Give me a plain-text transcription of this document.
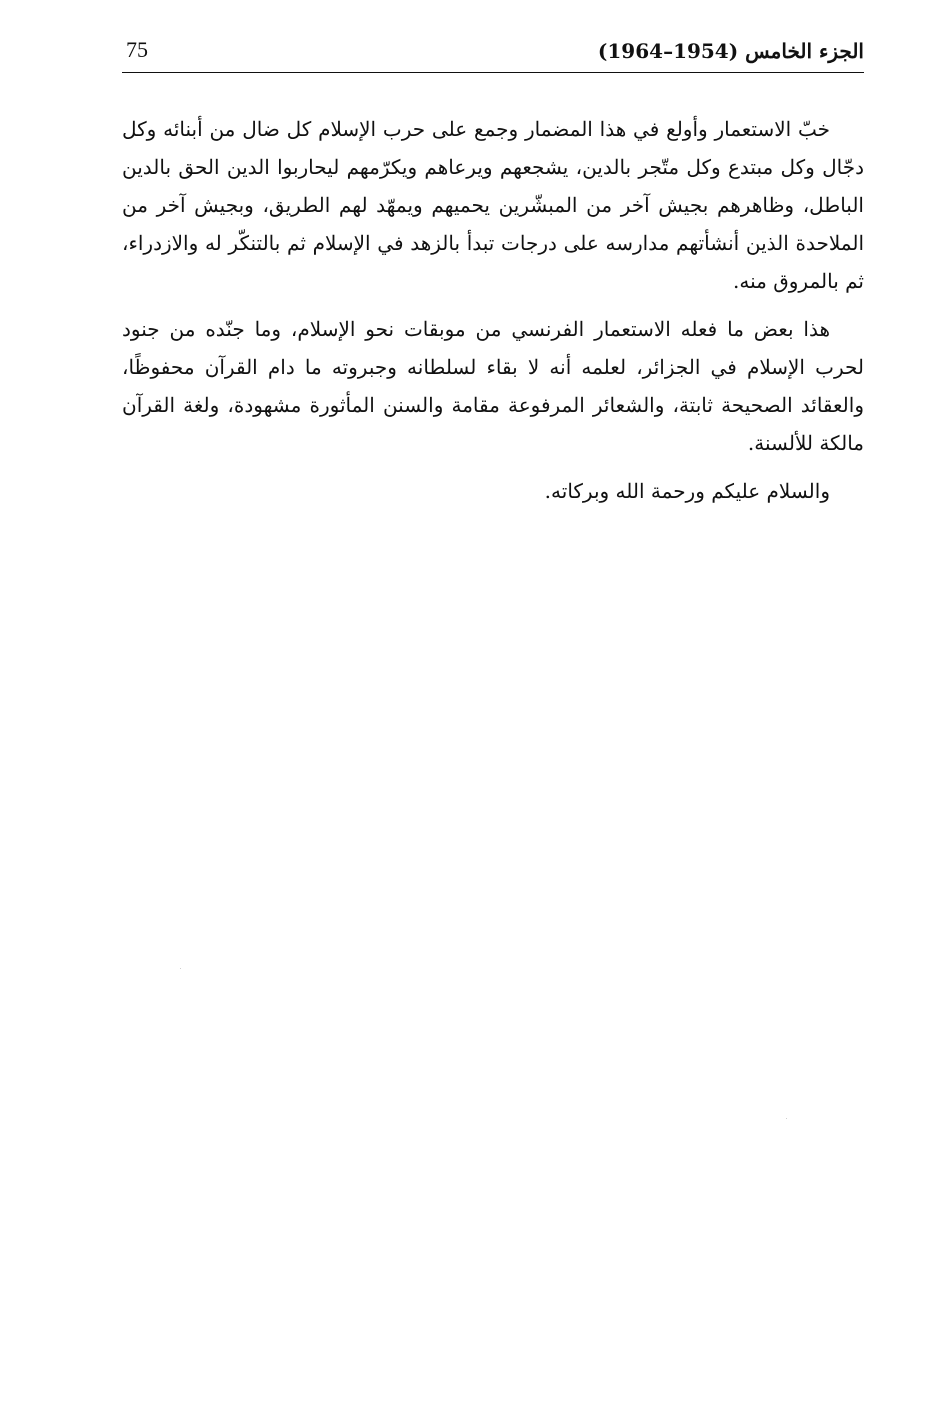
75	الجزء الخامس (1954–1964)

خبّ الاستعمار وأولع في هذا المضمار وجمع على حرب الإسلام كل ضال من أبنائه وكل دجّال وكل مبتدع وكل متّجر بالدين، يشجعهم ويرعاهم ويكرّمهم ليحاربوا الدين الحق بالدين الباطل، وظاهرهم بجيش آخر من المبشّرين يحميهم ويمهّد لهم الطريق، وبجيش آخر من الملاحدة الذين أنشأتهم مدارسه على درجات تبدأ بالزهد في الإسلام ثم بالتنكّر له والازدراء، ثم بالمروق منه.

هذا بعض ما فعله الاستعمار الفرنسي من موبقات نحو الإسلام، وما جنّده من جنود لحرب الإسلام في الجزائر، لعلمه أنه لا بقاء لسلطانه وجبروته ما دام القرآن محفوظًا، والعقائد الصحيحة ثابتة، والشعائر المرفوعة مقامة والسنن المأثورة مشهودة، ولغة القرآن مالكة للألسنة.

والسلام عليكم ورحمة الله وبركاته.
